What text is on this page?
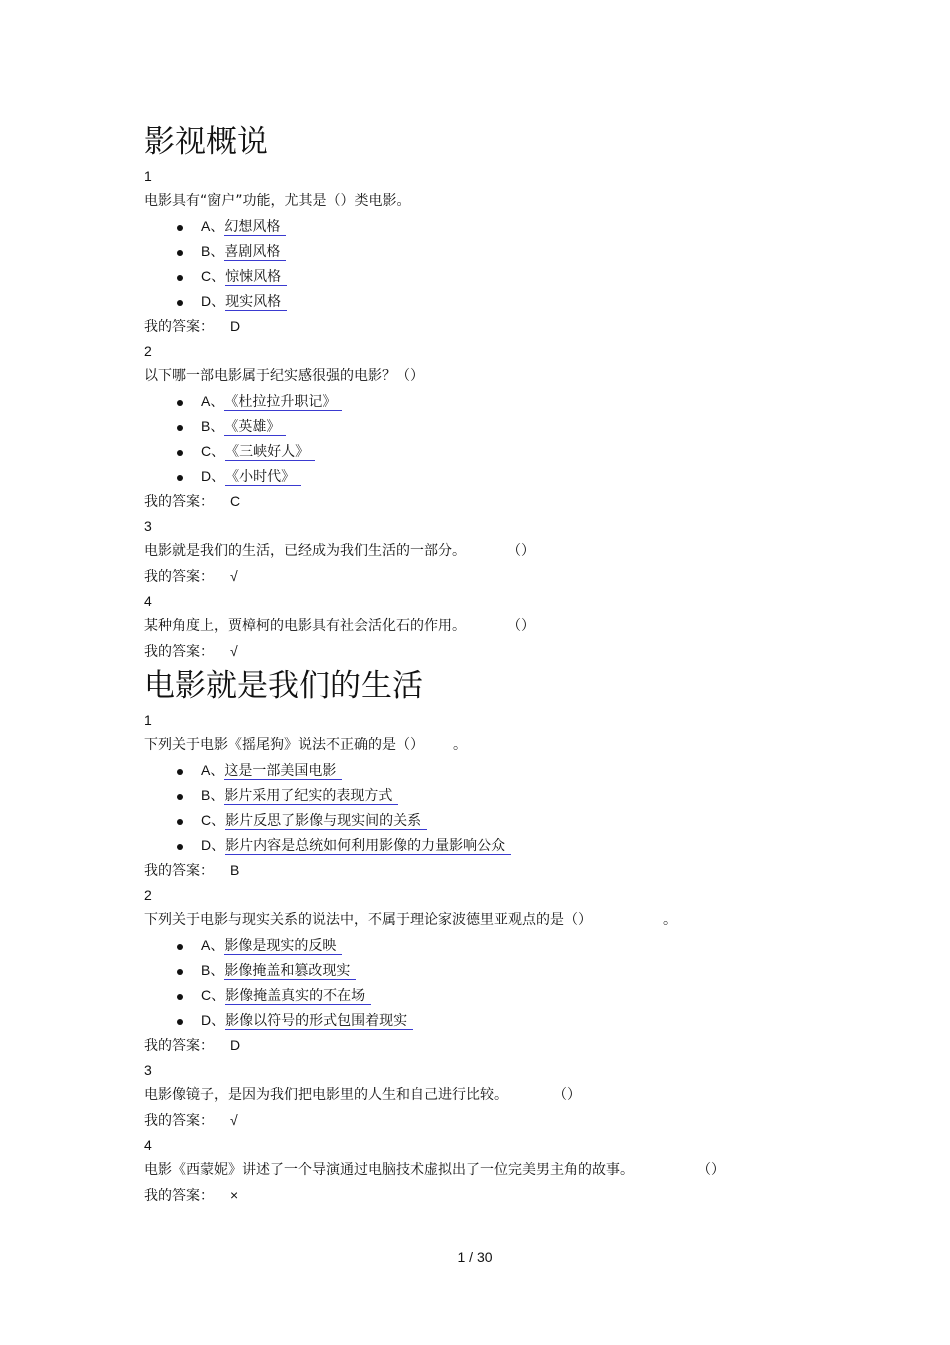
影视概说
1
电影具有“窗户”功能，尤其是（）类电影。
A、幻想风格
B、喜剧风格
C、惊悚风格
D、现实风格
我的答案： D
2
以下哪一部电影属于纪实感很强的电影？（）
A、《杜拉拉升职记》
B、《英雄》
C、《三峡好人》
D、《小时代》
我的答案： C
3
电影就是我们的生活，已经成为我们生活的一部分。	（）
我的答案： √
4
某种角度上，贾樟柯的电影具有社会活化石的作用。	（）
我的答案： √
电影就是我们的生活
1
下列关于电影《摇尾狗》说法不正确的是（）	。
A、这是一部美国电影
B、影片采用了纪实的表现方式
C、影片反思了影像与现实间的关系
D、影片内容是总统如何利用影像的力量影响公众
我的答案： B
2
下列关于电影与现实关系的说法中，不属于理论家波德里亚观点的是（）	。
A、影像是现实的反映
B、影像掩盖和篡改现实
C、影像掩盖真实的不在场
D、影像以符号的形式包围着现实
我的答案： D
3
电影像镜子，是因为我们把电影里的人生和自己进行比较。	（）
我的答案： √
4
电影《西蒙妮》讲述了一个导演通过电脑技术虚拟出了一位完美男主角的故事。	（）
我的答案： ×
1 / 30
